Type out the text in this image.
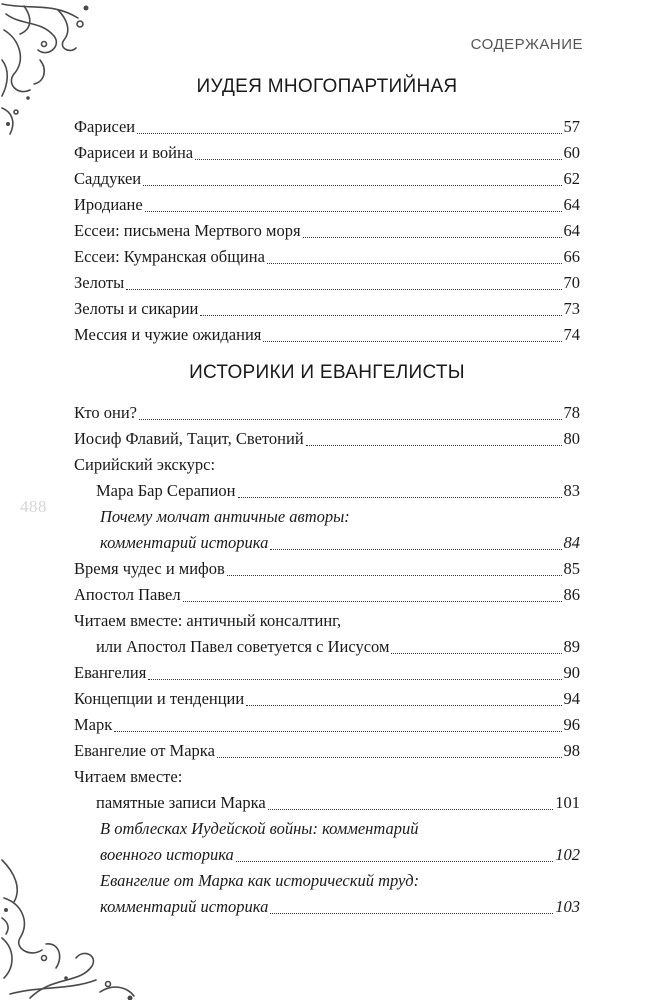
СОДЕРЖАНИЕ
488
ИУДЕЯ МНОГОПАРТИЙНАЯ
Фарисеи	57
Фарисеи и война	60
Саддукеи	62
Иродиане	64
Ессеи: письмена Мертвого моря	64
Ессеи: Кумранская община	66
Зелоты	70
Зелоты и сикарии	73
Мессия и чужие ожидания	74
ИСТОРИКИ И ЕВАНГЕЛИСТЫ
Кто они?	78
Иосиф Флавий, Тацит, Светоний	80
Сирийский экскурс:
Мара Бар Серапион	83
Почему молчат античные авторы:
комментарий историка	84
Время чудес и мифов	85
Апостол Павел	86
Читаем вместе: античный консалтинг,
или Апостол Павел советуется с Иисусом	89
Евангелия	90
Концепции и тенденции	94
Марк	96
Евангелие от Марка	98
Читаем вместе:
памятные записи Марка	101
В отблесках Иудейской войны: комментарий
военного историка	102
Евангелие от Марка как исторический труд:
комментарий историка	103
